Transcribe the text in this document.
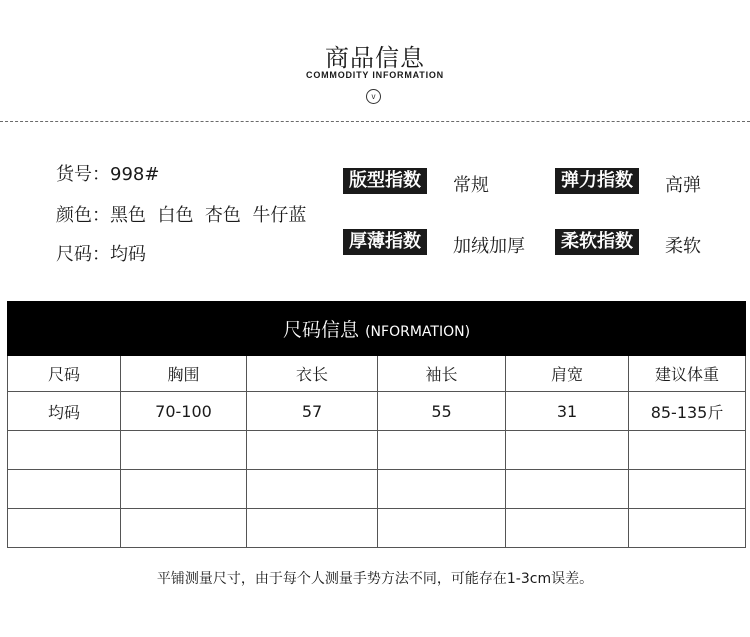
商品信息
COMMODITY INFORMATION
v
货号：998#
颜色：黑色  白色  杏色  牛仔蓝
尺码：均码
版型指数	常规	弹力指数	高弹
厚薄指数	加绒加厚	柔软指数	柔软
尺码信息 (NFORMATION)					
尺码	胸围	衣长	袖长	肩宽	建议体重
均码	70-100	57	55	31	85-135斤

平铺测量尺寸，由于每个人测量手势方法不同，可能存在1-3cm误差。
